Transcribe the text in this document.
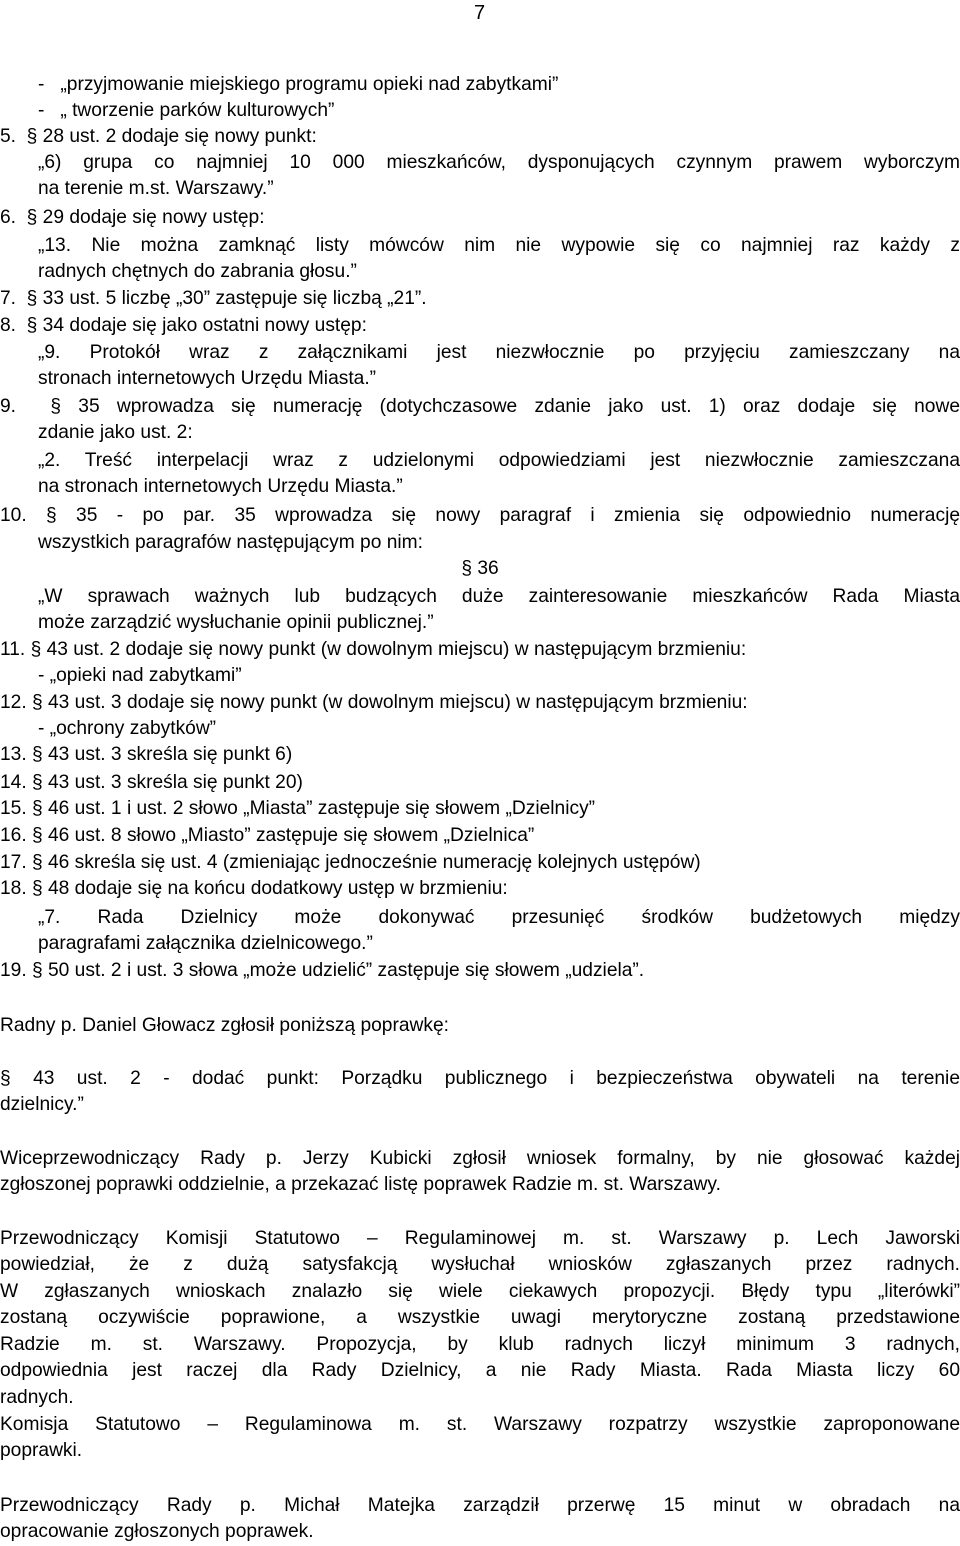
7
-   „przyjmowanie miejskiego programu opieki nad zabytkami”
-   „ tworzenie parków kulturowych”
5.  § 28 ust. 2 dodaje się nowy punkt:
„6) grupa co najmniej 10 000 mieszkańców, dysponujących czynnym prawem wyborczym
na terenie m.st. Warszawy.”
6.  § 29 dodaje się nowy ustęp:
„13. Nie można zamknąć listy mówców nim nie wypowie się co najmniej raz każdy z
radnych chętnych do zabrania głosu.”
7.  § 33 ust. 5 liczbę „30” zastępuje się liczbą „21”.
8.  § 34 dodaje się jako ostatni nowy ustęp:
„9. Protokół wraz z załącznikami jest niezwłocznie po przyjęciu zamieszczany na
stronach internetowych Urzędu Miasta.”
9.  § 35 wprowadza się numerację (dotychczasowe zdanie jako ust. 1) oraz dodaje się nowe
zdanie jako ust. 2:
„2. Treść interpelacji wraz z udzielonymi odpowiedziami jest niezwłocznie zamieszczana
na stronach internetowych Urzędu Miasta.”
10. § 35 - po par. 35 wprowadza się nowy paragraf i zmienia się odpowiednio numerację
wszystkich paragrafów następującym po nim:
§ 36
„W sprawach ważnych lub budzących duże zainteresowanie mieszkańców Rada Miasta
może zarządzić wysłuchanie opinii publicznej.”
11. § 43 ust. 2 dodaje się nowy punkt (w dowolnym miejscu) w następującym brzmieniu:
- „opieki nad zabytkami”
12. § 43 ust. 3 dodaje się nowy punkt (w dowolnym miejscu) w następującym brzmieniu:
- „ochrony zabytków”
13. § 43 ust. 3 skreśla się punkt 6)
14. § 43 ust. 3 skreśla się punkt 20)
15. § 46 ust. 1 i ust. 2 słowo „Miasta” zastępuje się słowem „Dzielnicy”
16. § 46 ust. 8 słowo „Miasto” zastępuje się słowem „Dzielnica”
17. § 46 skreśla się ust. 4 (zmieniając jednocześnie numerację kolejnych ustępów)
18. § 48 dodaje się na końcu dodatkowy ustęp w brzmieniu:
„7. Rada Dzielnicy może dokonywać przesunięć środków budżetowych między
paragrafami załącznika dzielnicowego.”
19. § 50 ust. 2 i ust. 3 słowa „może udzielić” zastępuje się słowem „udziela”.
Radny p. Daniel Głowacz zgłosił poniższą poprawkę:
§ 43 ust. 2 - dodać punkt: Porządku publicznego i bezpieczeństwa obywateli na terenie
dzielnicy.”
Wiceprzewodniczący Rady p. Jerzy Kubicki zgłosił wniosek formalny, by nie głosować każdej
zgłoszonej poprawki oddzielnie, a przekazać listę poprawek Radzie m. st. Warszawy.
Przewodniczący Komisji Statutowo – Regulaminowej m. st. Warszawy p. Lech Jaworski
powiedział, że z dużą satysfakcją wysłuchał wniosków zgłaszanych przez radnych.
W zgłaszanych wnioskach znalazło się wiele ciekawych propozycji. Błędy typu „literówki”
zostaną oczywiście poprawione, a wszystkie uwagi merytoryczne zostaną przedstawione
Radzie m. st. Warszawy. Propozycja, by klub radnych liczył minimum 3 radnych,
odpowiednia jest raczej dla Rady Dzielnicy, a nie Rady Miasta. Rada Miasta liczy 60
radnych.
Komisja Statutowo – Regulaminowa m. st. Warszawy rozpatrzy wszystkie zaproponowane
poprawki.
Przewodniczący Rady p. Michał Matejka zarządził przerwę 15 minut w obradach na
opracowanie zgłoszonych poprawek.
